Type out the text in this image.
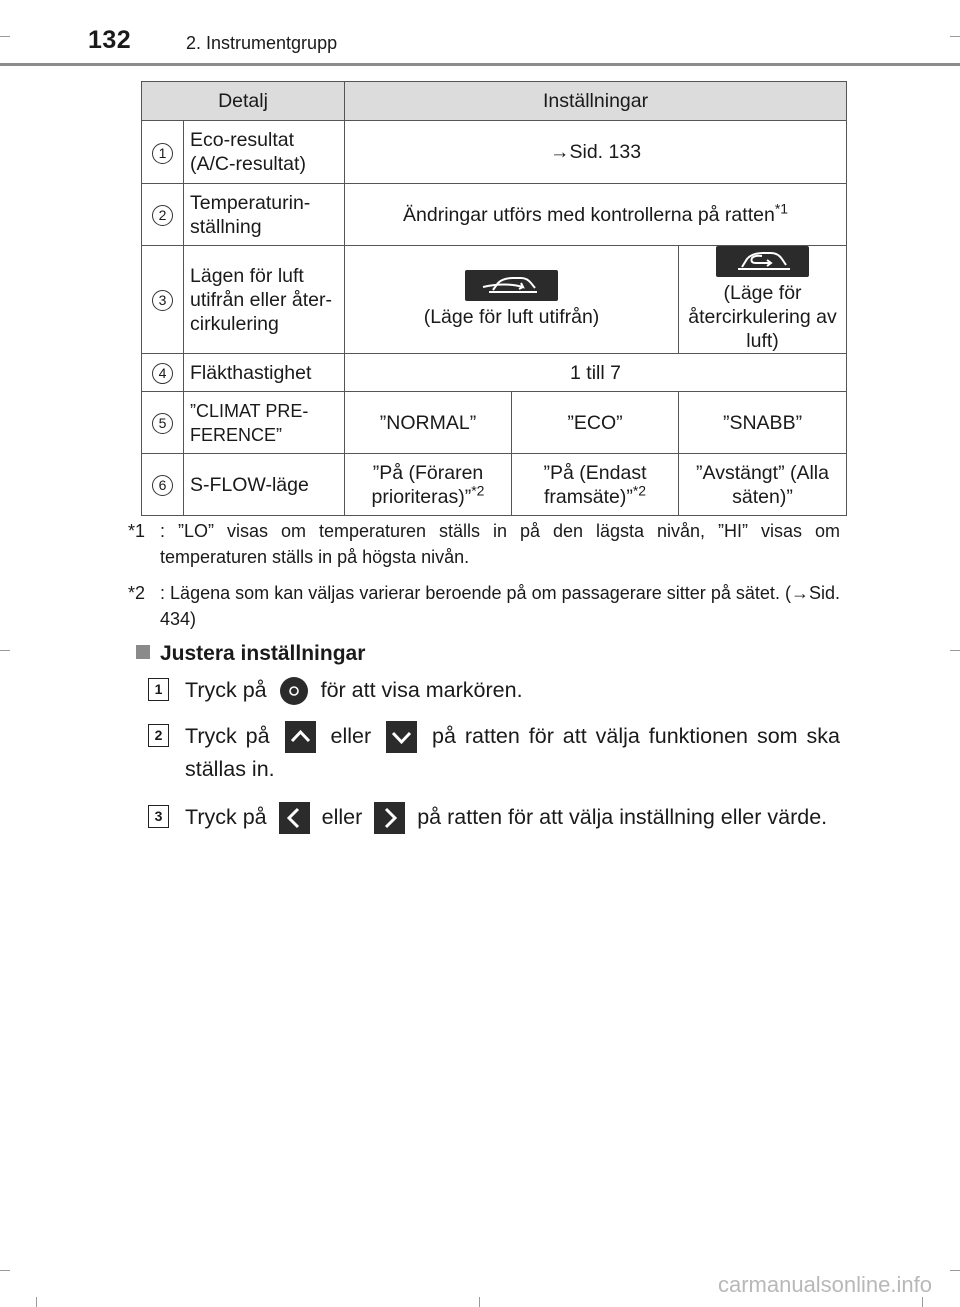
132	2. Instrumentgrupp
Detalj		Inställningar		
1	Eco-resultat (A/C-resultat)	→Sid. 133		
2	Temperaturin-ställning	Ändringar utförs med kontrollerna på ratten$^{*1}$
3	Lägen för luft utifrån eller åter-cirkulering	(Läge för luft utifrån)		(Läge för återcirkulering av luft)
4	Fläkthastighet	1 till 7		
5	”CLIMAT PRE-FERENCE”	”NORMAL”	”ECO”	”SNABB”
6	S-FLOW-läge	”På (Föraren prioriteras)”$^{*2}$	”På (Endast framsäte)”$^{*2}$	”Avstängt” (Alla säten)”
*1 : ”LO” visas om temperaturen ställs in på den lägsta nivån, ”HI” visas om temperaturen ställs in på högsta nivån.
*2 : Lägena som kan väljas varierar beroende på om passagerare sitter på sätet. (→Sid. 434)
Justera inställningar
1	Tryck på	för att visa markören.
2	Tryck på	eller	på ratten för att välja funktionen som ska ställas in.
3	Tryck på	eller	på ratten för att välja inställning eller värde.
carmanualsonline.info
